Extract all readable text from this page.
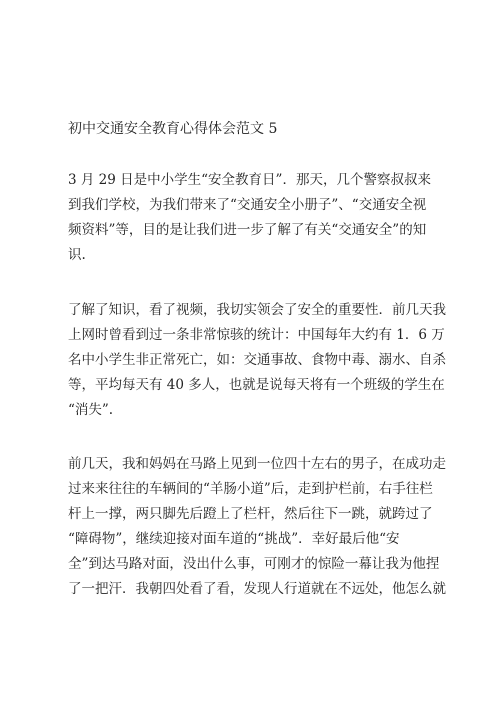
初中交通安全教育心得体会范文 5
3 月 29 日是中小学生“安全教育日”．那天，几个警察叔叔来
到我们学校，为我们带来了“交通安全小册子”、“交通安全视
频资料”等，目的是让我们进一步了解了有关“交通安全”的知
识.
了解了知识，看了视频，我切实领会了安全的重要性．前几天我
上网时曾看到过一条非常惊骇的统计：中国每年大约有 1．6 万
名中小学生非正常死亡，如：交通事故、食物中毒、溺水、自杀
等，平均每天有 40 多人，也就是说每天将有一个班级的学生在
“消失”.
前几天，我和妈妈在马路上见到一位四十左右的男子，在成功走
过来来往往的车辆间的“羊肠小道”后，走到护栏前，右手往栏
杆上一撑，两只脚先后蹬上了栏杆，然后往下一跳，就跨过了
“障碍物”，继续迎接对面车道的“挑战”．幸好最后他“安
全”到达马路对面，没出什么事，可刚才的惊险一幕让我为他捏
了一把汗．我朝四处看了看，发现人行道就在不远处，他怎么就
